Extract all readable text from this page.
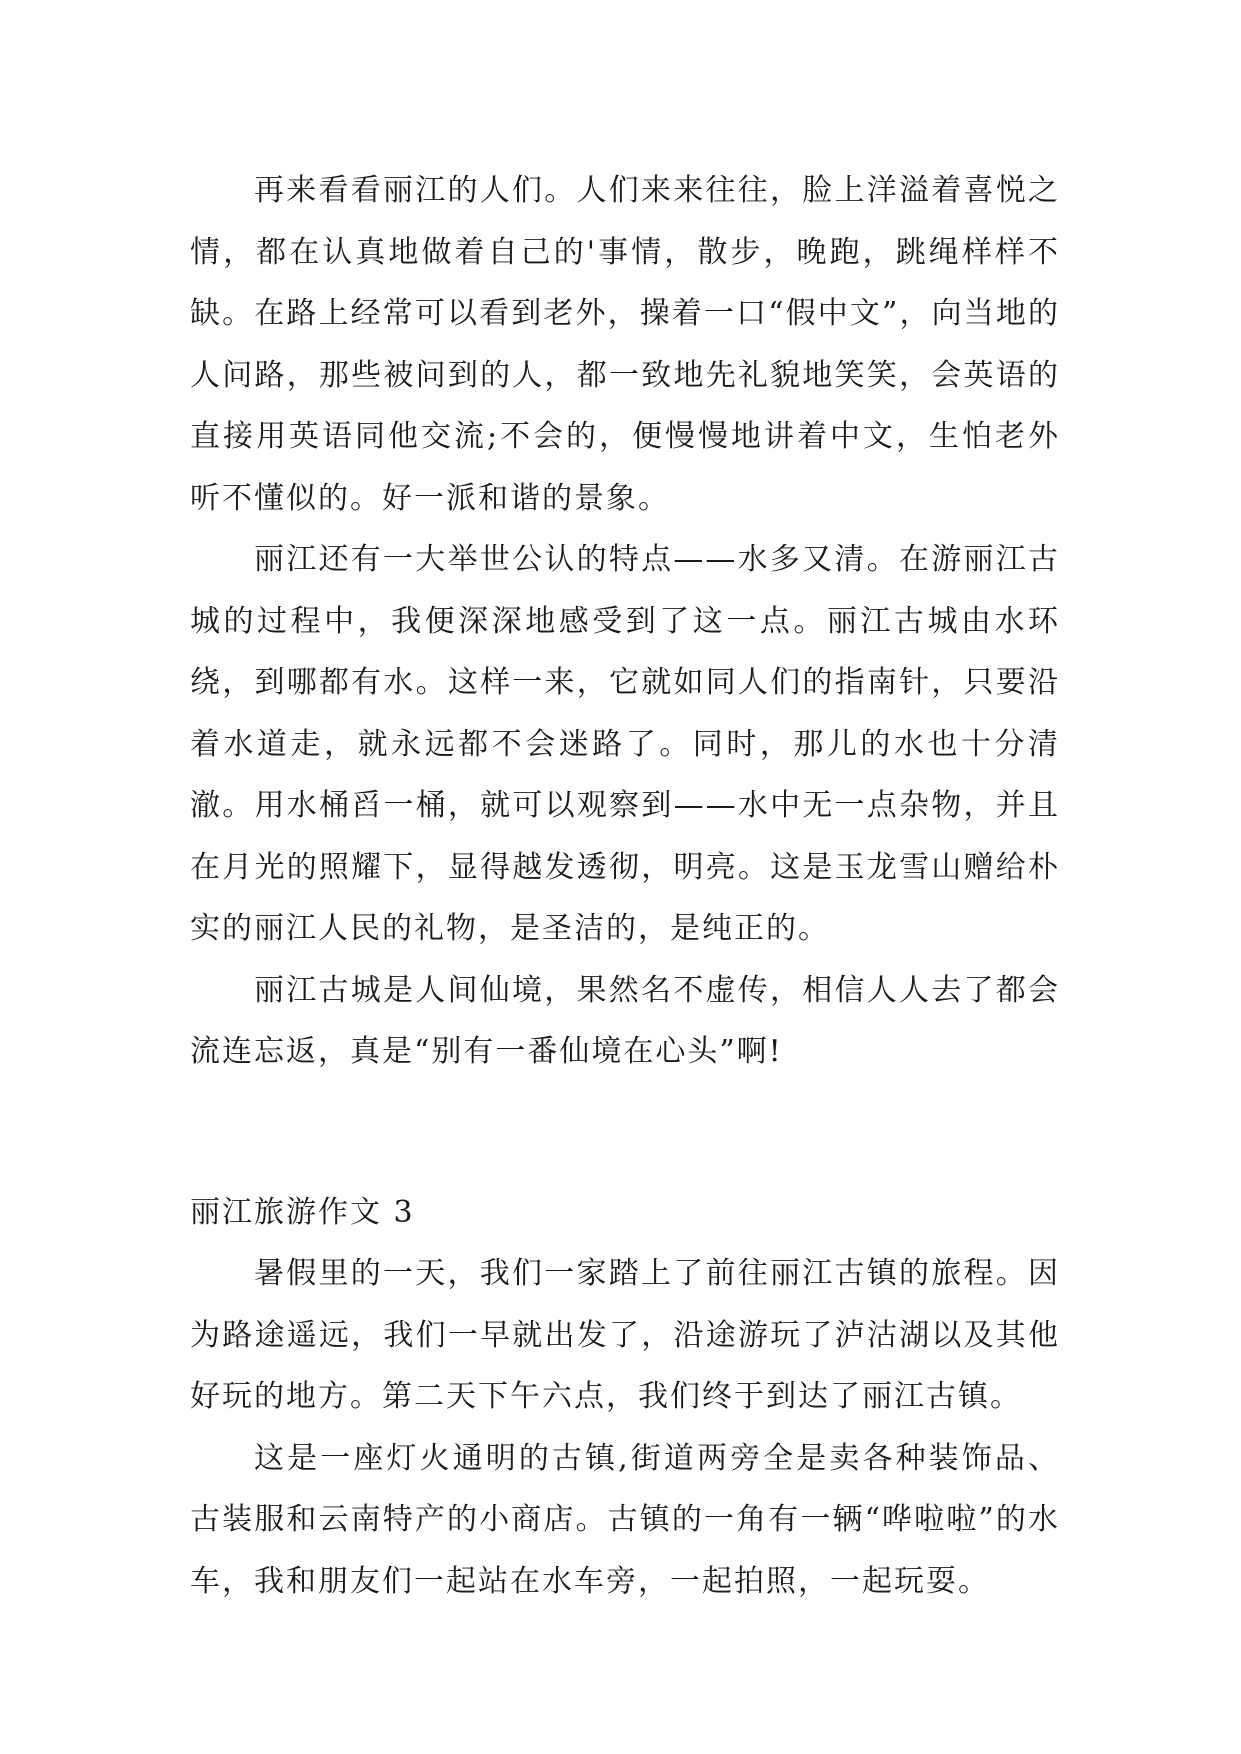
再来看看丽江的人们。人们来来往往，脸上洋溢着喜悦之情，都在认真地做着自己的'事情，散步，晚跑，跳绳样样不缺。在路上经常可以看到老外，操着一口“假中文”，向当地的人问路，那些被问到的人，都一致地先礼貌地笑笑，会英语的直接用英语同他交流;不会的，便慢慢地讲着中文，生怕老外听不懂似的。好一派和谐的景象。

丽江还有一大举世公认的特点——水多又清。在游丽江古城的过程中，我便深深地感受到了这一点。丽江古城由水环绕，到哪都有水。这样一来，它就如同人们的指南针，只要沿着水道走，就永远都不会迷路了。同时，那儿的水也十分清澈。用水桶舀一桶，就可以观察到——水中无一点杂物，并且在月光的照耀下，显得越发透彻，明亮。这是玉龙雪山赠给朴实的丽江人民的礼物，是圣洁的，是纯正的。

丽江古城是人间仙境，果然名不虚传，相信人人去了都会流连忘返，真是“别有一番仙境在心头”啊!

丽江旅游作文 3

暑假里的一天，我们一家踏上了前往丽江古镇的旅程。因为路途遥远，我们一早就出发了，沿途游玩了泸沽湖以及其他好玩的地方。第二天下午六点，我们终于到达了丽江古镇。

这是一座灯火通明的古镇,街道两旁全是卖各种装饰品、古装服和云南特产的小商店。古镇的一角有一辆“哗啦啦”的水车，我和朋友们一起站在水车旁，一起拍照，一起玩耍。
